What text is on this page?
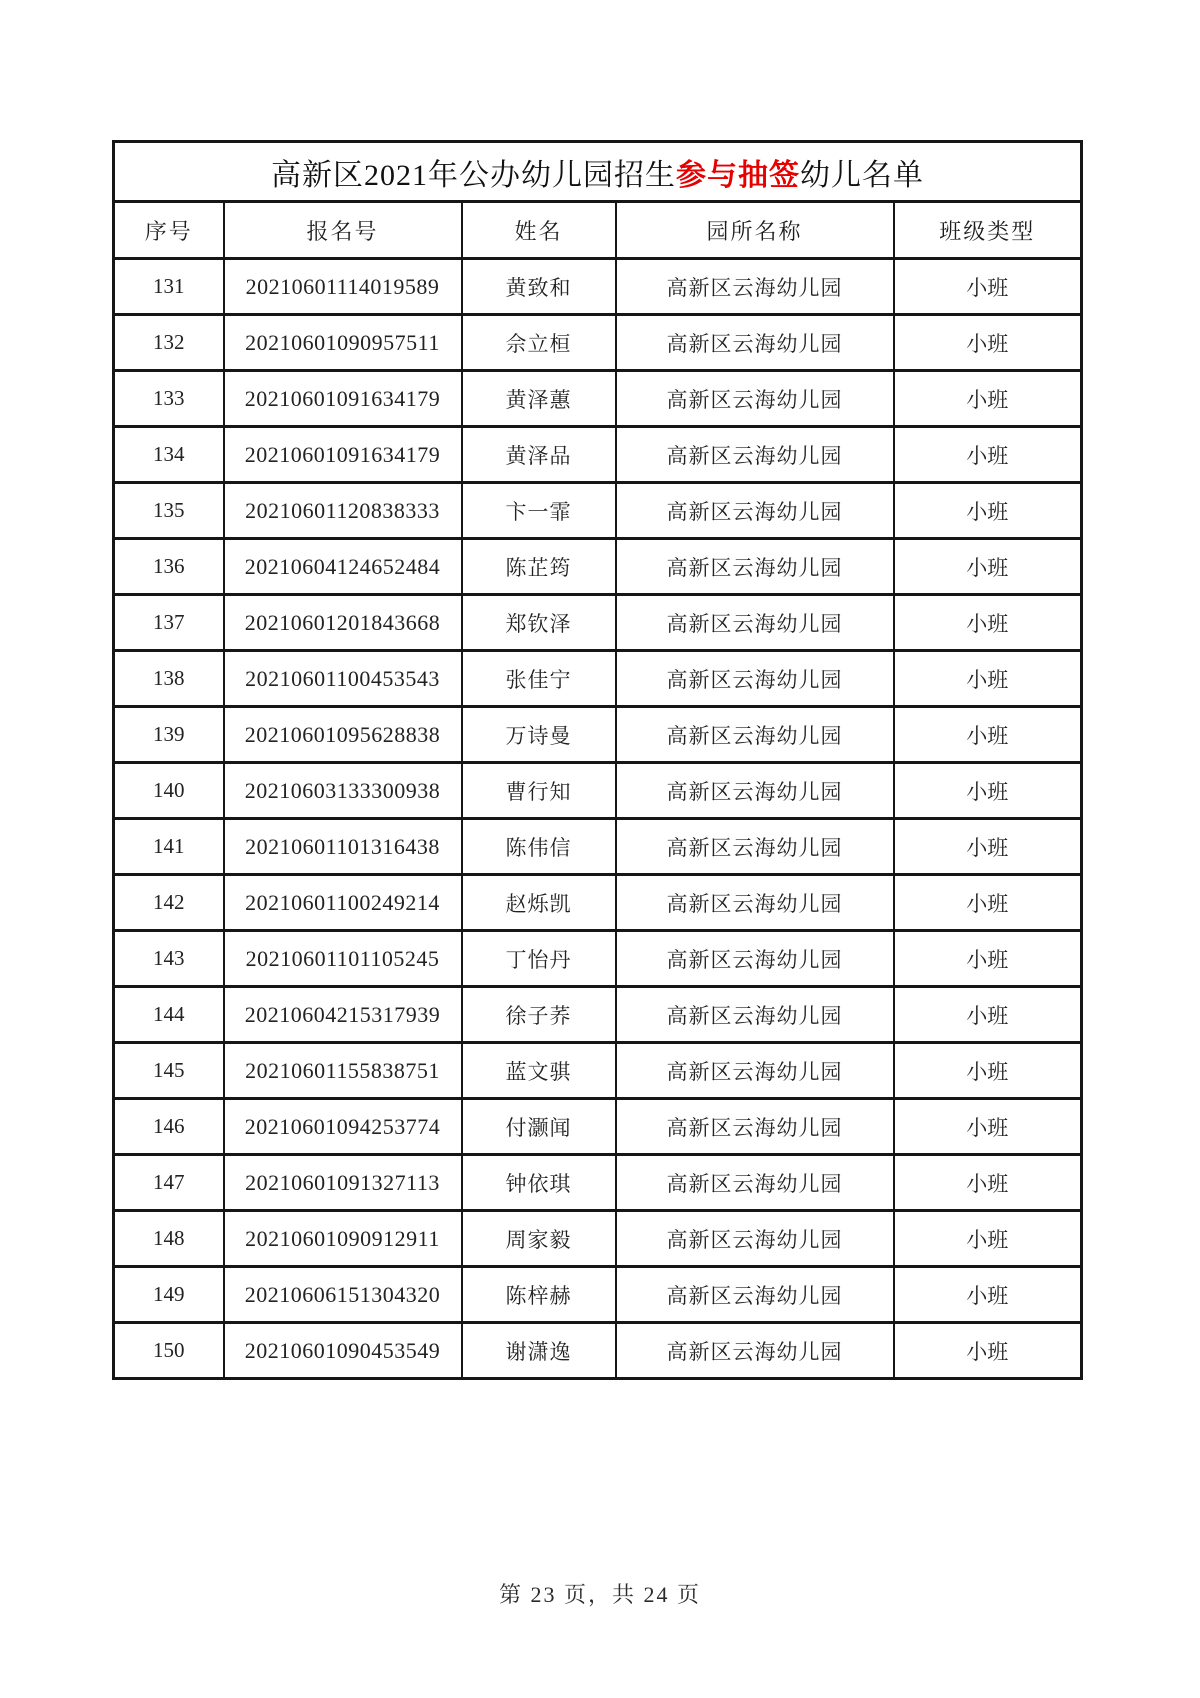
高新区2021年公办幼儿园招生参与抽签幼儿名单				
序号	报名号	姓名	园所名称	班级类型
131	20210601114019589	黄致和	高新区云海幼儿园	小班
132	20210601090957511	佘立桓	高新区云海幼儿园	小班
133	20210601091634179	黄泽蕙	高新区云海幼儿园	小班
134	20210601091634179	黄泽品	高新区云海幼儿园	小班
135	20210601120838333	卞一霏	高新区云海幼儿园	小班
136	20210604124652484	陈芷筠	高新区云海幼儿园	小班
137	20210601201843668	郑钦泽	高新区云海幼儿园	小班
138	20210601100453543	张佳宁	高新区云海幼儿园	小班
139	20210601095628838	万诗曼	高新区云海幼儿园	小班
140	20210603133300938	曹行知	高新区云海幼儿园	小班
141	20210601101316438	陈伟信	高新区云海幼儿园	小班
142	20210601100249214	赵烁凯	高新区云海幼儿园	小班
143	20210601101105245	丁怡丹	高新区云海幼儿园	小班
144	20210604215317939	徐子荞	高新区云海幼儿园	小班
145	20210601155838751	蓝文骐	高新区云海幼儿园	小班
146	20210601094253774	付灏闻	高新区云海幼儿园	小班
147	20210601091327113	钟依琪	高新区云海幼儿园	小班
148	20210601090912911	周家毅	高新区云海幼儿园	小班
149	20210606151304320	陈梓赫	高新区云海幼儿园	小班
150	20210601090453549	谢潇逸	高新区云海幼儿园	小班
第 23 页，共 24 页
